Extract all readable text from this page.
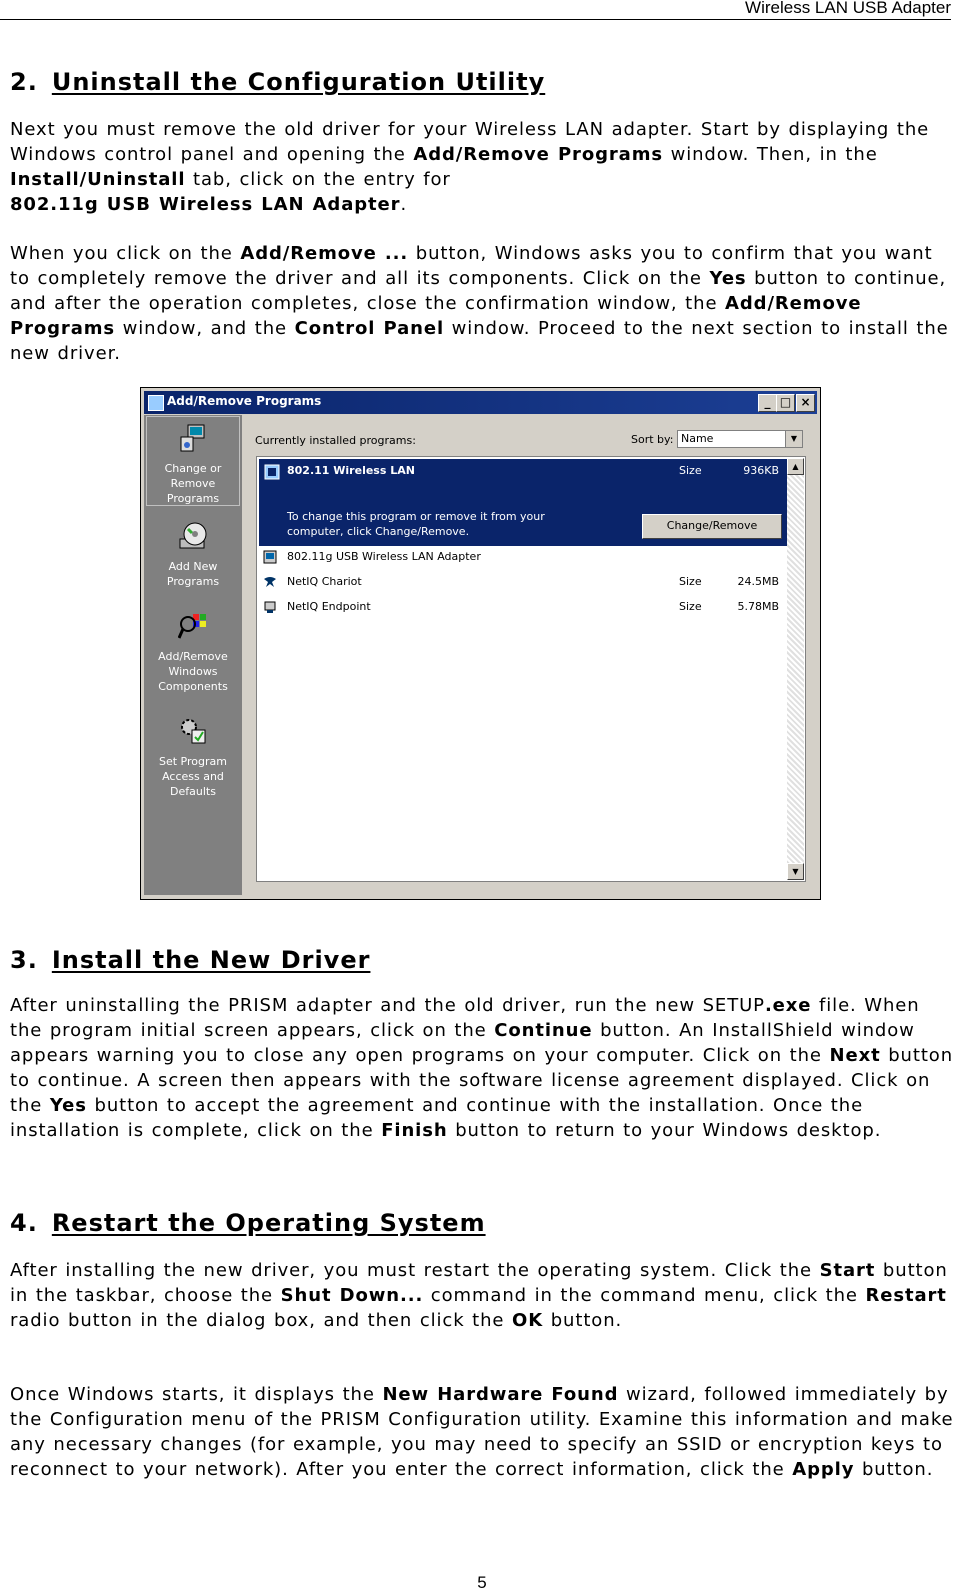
Wireless LAN USB Adapter
2. Uninstall the Configuration Utility

Next you must remove the old driver for your Wireless LAN adapter. Start by displaying the Windows control panel and opening the Add/Remove Programs window. Then, in the Install/Uninstall tab, click on the entry for
802.11g USB Wireless LAN Adapter.

When you click on the Add/Remove ... button, Windows asks you to confirm that you want to completely remove the driver and all its components. Click on the Yes button to continue, and after the operation completes, close the confirmation window, the Add/Remove Programs window, and the Control Panel window. Proceed to the next section to install the new driver.

Add/Remove Programs	_ □ ×
Change or
Remove
Programs
Add New
Programs
Add/Remove
Windows
Components
Set Program
Access and
Defaults
Currently installed programs:	Sort by: Name	▼
802.11 Wireless LAN	Size	936KB
To change this program or remove it from your
computer, click Change/Remove.	Change/Remove
802.11g USB Wireless LAN Adapter
NetIQ Chariot	Size	24.5MB
NetIQ Endpoint	Size	5.78MB
▲
▼
3. Install the New Driver

After uninstalling the PRISM adapter and the old driver, run the new SETUP.exe file. When the program initial screen appears, click on the Continue button. An InstallShield window appears warning you to close any open programs on your computer. Click on the Next button to continue. A screen then appears with the software license agreement displayed. Click on the Yes button to accept the agreement and continue with the installation. Once the installation is complete, click on the Finish button to return to your Windows desktop.

4. Restart the Operating System

After installing the new driver, you must restart the operating system. Click the Start button in the taskbar, choose the Shut Down... command in the command menu, click the Restart radio button in the dialog box, and then click the OK button.

Once Windows starts, it displays the New Hardware Found wizard, followed immediately by the Configuration menu of the PRISM Configuration utility. Examine this information and make any necessary changes (for example, you may need to specify an SSID or encryption keys to reconnect to your network). After you enter the correct information, click the Apply button.

5
